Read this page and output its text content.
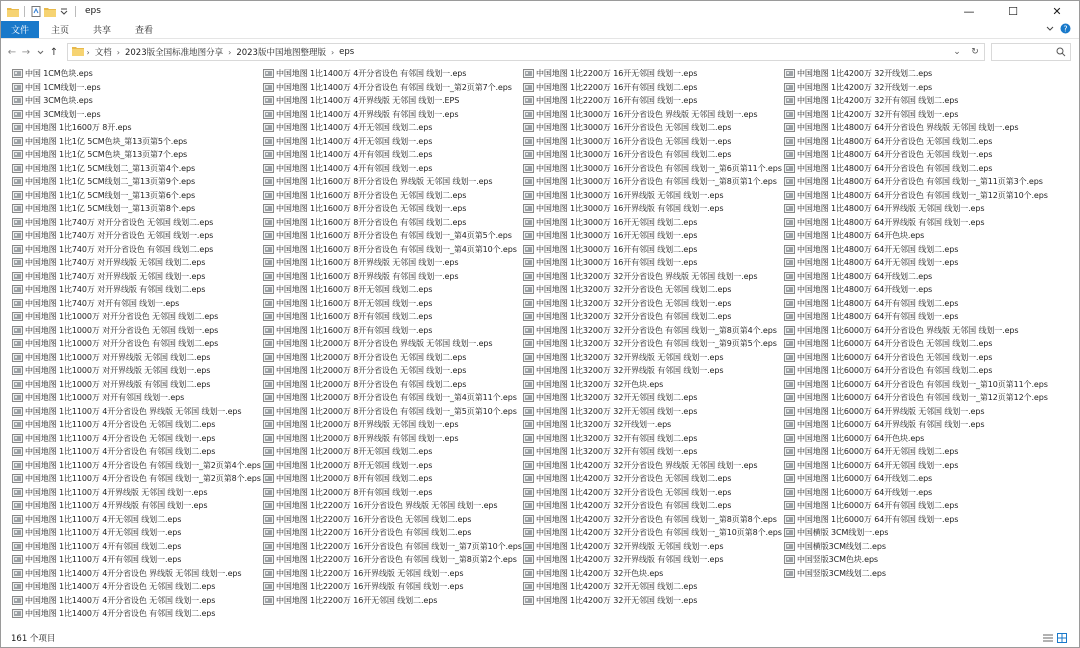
eps	—	☐	✕
文件	主页	共享	查看	?
← → ↑	› 文档 › 2023版全国标准地图分享 › 2023版中国地图整理版 › eps	⌄	↻
中国 1CM色块.eps
中国 1CM线划一.eps
中国 3CM色块.eps
中国 3CM线划一.eps
中国地图 1比1600万 8开.eps
中国地图 1比1亿 5CM色块_第13页第5个.eps
中国地图 1比1亿 5CM色块_第13页第7个.eps
中国地图 1比1亿 5CM线划二_第13页第4个.eps
中国地图 1比1亿 5CM线划二_第13页第9个.eps
中国地图 1比1亿 5CM线划一_第13页第6个.eps
中国地图 1比1亿 5CM线划一_第13页第8个.eps
中国地图 1比740万 对开分省设色 无邻国 线划二.eps
中国地图 1比740万 对开分省设色 无邻国 线划一.eps
中国地图 1比740万 对开分省设色 有邻国 线划二.eps
中国地图 1比740万 对开界线版 无邻国 线划二.eps
中国地图 1比740万 对开界线版 无邻国 线划一.eps
中国地图 1比740万 对开界线版 有邻国 线划二.eps
中国地图 1比740万 对开有邻国 线划一.eps
中国地图 1比1000万 对开分省设色 无邻国 线划二.eps
中国地图 1比1000万 对开分省设色 无邻国 线划一.eps
中国地图 1比1000万 对开分省设色 有邻国 线划二.eps
中国地图 1比1000万 对开界线版 无邻国 线划二.eps
中国地图 1比1000万 对开界线版 无邻国 线划一.eps
中国地图 1比1000万 对开界线版 有邻国 线划二.eps
中国地图 1比1000万 对开有邻国 线划一.eps
中国地图 1比1100万 4开分省设色 界线版 无邻国 线划一.eps
中国地图 1比1100万 4开分省设色 无邻国 线划二.eps
中国地图 1比1100万 4开分省设色 无邻国 线划一.eps
中国地图 1比1100万 4开分省设色 有邻国 线划二.eps
中国地图 1比1100万 4开分省设色 有邻国 线划一_第2页第4个.eps
中国地图 1比1100万 4开分省设色 有邻国 线划一_第2页第8个.eps
中国地图 1比1100万 4开界线版 无邻国 线划一.eps
中国地图 1比1100万 4开界线版 有邻国 线划一.eps
中国地图 1比1100万 4开无邻国 线划二.eps
中国地图 1比1100万 4开无邻国 线划一.eps
中国地图 1比1100万 4开有邻国 线划二.eps
中国地图 1比1100万 4开有邻国 线划一.eps
中国地图 1比1400万 4开分省设色 界线版 无邻国 线划一.eps
中国地图 1比1400万 4开分省设色 无邻国 线划二.eps
中国地图 1比1400万 4开分省设色 无邻国 线划一.eps
中国地图 1比1400万 4开分省设色 有邻国 线划二.eps
中国地图 1比1400万 4开分省设色 有邻国 线划一.eps
中国地图 1比1400万 4开分省设色 有邻国 线划一_第2页第7个.eps
中国地图 1比1400万 4开界线版 无邻国 线划一.EPS
中国地图 1比1400万 4开界线版 有邻国 线划一.eps
中国地图 1比1400万 4开无邻国 线划二.eps
中国地图 1比1400万 4开无邻国 线划一.eps
中国地图 1比1400万 4开有邻国 线划二.eps
中国地图 1比1400万 4开有邻国 线划一.eps
中国地图 1比1600万 8开分省设色 界线版 无邻国 线划一.eps
中国地图 1比1600万 8开分省设色 无邻国 线划二.eps
中国地图 1比1600万 8开分省设色 无邻国 线划一.eps
中国地图 1比1600万 8开分省设色 有邻国 线划二.eps
中国地图 1比1600万 8开分省设色 有邻国 线划一_第4页第5个.eps
中国地图 1比1600万 8开分省设色 有邻国 线划一_第4页第10个.eps
中国地图 1比1600万 8开界线版 无邻国 线划一.eps
中国地图 1比1600万 8开界线版 有邻国 线划一.eps
中国地图 1比1600万 8开无邻国 线划二.eps
中国地图 1比1600万 8开无邻国 线划一.eps
中国地图 1比1600万 8开有邻国 线划二.eps
中国地图 1比1600万 8开有邻国 线划一.eps
中国地图 1比2000万 8开分省设色 界线版 无邻国 线划一.eps
中国地图 1比2000万 8开分省设色 无邻国 线划二.eps
中国地图 1比2000万 8开分省设色 无邻国 线划一.eps
中国地图 1比2000万 8开分省设色 有邻国 线划二.eps
中国地图 1比2000万 8开分省设色 有邻国 线划一_第4页第11个.eps
中国地图 1比2000万 8开分省设色 有邻国 线划一_第5页第10个.eps
中国地图 1比2000万 8开界线版 无邻国 线划一.eps
中国地图 1比2000万 8开界线版 有邻国 线划一.eps
中国地图 1比2000万 8开无邻国 线划二.eps
中国地图 1比2000万 8开无邻国 线划一.eps
中国地图 1比2000万 8开有邻国 线划二.eps
中国地图 1比2000万 8开有邻国 线划一.eps
中国地图 1比2200万 16开分省设色 界线版 无邻国 线划一.eps
中国地图 1比2200万 16开分省设色 无邻国 线划二.eps
中国地图 1比2200万 16开分省设色 有邻国 线划二.eps
中国地图 1比2200万 16开分省设色 有邻国 线划一_第7页第10个.eps
中国地图 1比2200万 16开分省设色 有邻国 线划一_第8页第2个.eps
中国地图 1比2200万 16开界线版 无邻国 线划一.eps
中国地图 1比2200万 16开界线版 有邻国 线划一.eps
中国地图 1比2200万 16开无邻国 线划二.eps
中国地图 1比2200万 16开无邻国 线划一.eps
中国地图 1比2200万 16开有邻国 线划二.eps
中国地图 1比2200万 16开有邻国 线划一.eps
中国地图 1比3000万 16开分省设色 界线版 无邻国 线划一.eps
中国地图 1比3000万 16开分省设色 无邻国 线划二.eps
中国地图 1比3000万 16开分省设色 无邻国 线划一.eps
中国地图 1比3000万 16开分省设色 有邻国 线划二.eps
中国地图 1比3000万 16开分省设色 有邻国 线划一_第6页第11个.eps
中国地图 1比3000万 16开分省设色 有邻国 线划一_第8页第1个.eps
中国地图 1比3000万 16开界线版 无邻国 线划一.eps
中国地图 1比3000万 16开界线版 有邻国 线划一.eps
中国地图 1比3000万 16开无邻国 线划二.eps
中国地图 1比3000万 16开无邻国 线划一.eps
中国地图 1比3000万 16开有邻国 线划二.eps
中国地图 1比3000万 16开有邻国 线划一.eps
中国地图 1比3200万 32开分省设色 界线版 无邻国 线划一.eps
中国地图 1比3200万 32开分省设色 无邻国 线划二.eps
中国地图 1比3200万 32开分省设色 无邻国 线划一.eps
中国地图 1比3200万 32开分省设色 有邻国 线划二.eps
中国地图 1比3200万 32开分省设色 有邻国 线划一_第8页第4个.eps
中国地图 1比3200万 32开分省设色 有邻国 线划一_第9页第5个.eps
中国地图 1比3200万 32开界线版 无邻国 线划一.eps
中国地图 1比3200万 32开界线版 有邻国 线划一.eps
中国地图 1比3200万 32开色块.eps
中国地图 1比3200万 32开无邻国 线划二.eps
中国地图 1比3200万 32开无邻国 线划一.eps
中国地图 1比3200万 32开线划一.eps
中国地图 1比3200万 32开有邻国 线划二.eps
中国地图 1比3200万 32开有邻国 线划一.eps
中国地图 1比4200万 32开分省设色 界线版 无邻国 线划一.eps
中国地图 1比4200万 32开分省设色 无邻国 线划二.eps
中国地图 1比4200万 32开分省设色 无邻国 线划一.eps
中国地图 1比4200万 32开分省设色 有邻国 线划二.eps
中国地图 1比4200万 32开分省设色 有邻国 线划一_第8页第8个.eps
中国地图 1比4200万 32开分省设色 有邻国 线划一_第10页第8个.eps
中国地图 1比4200万 32开界线版 无邻国 线划一.eps
中国地图 1比4200万 32开界线版 有邻国 线划一.eps
中国地图 1比4200万 32开色块.eps
中国地图 1比4200万 32开无邻国 线划二.eps
中国地图 1比4200万 32开无邻国 线划一.eps
中国地图 1比4200万 32开线划二.eps
中国地图 1比4200万 32开线划一.eps
中国地图 1比4200万 32开有邻国 线划二.eps
中国地图 1比4200万 32开有邻国 线划一.eps
中国地图 1比4800万 64开分省设色 界线版 无邻国 线划一.eps
中国地图 1比4800万 64开分省设色 无邻国 线划二.eps
中国地图 1比4800万 64开分省设色 无邻国 线划一.eps
中国地图 1比4800万 64开分省设色 有邻国 线划二.eps
中国地图 1比4800万 64开分省设色 有邻国 线划一_第11页第3个.eps
中国地图 1比4800万 64开分省设色 有邻国 线划一_第12页第10个.eps
中国地图 1比4800万 64开界线版 无邻国 线划一.eps
中国地图 1比4800万 64开界线版 有邻国 线划一.eps
中国地图 1比4800万 64开色块.eps
中国地图 1比4800万 64开无邻国 线划二.eps
中国地图 1比4800万 64开无邻国 线划一.eps
中国地图 1比4800万 64开线划二.eps
中国地图 1比4800万 64开线划一.eps
中国地图 1比4800万 64开有邻国 线划二.eps
中国地图 1比4800万 64开有邻国 线划一.eps
中国地图 1比6000万 64开分省设色 界线版 无邻国 线划一.eps
中国地图 1比6000万 64开分省设色 无邻国 线划二.eps
中国地图 1比6000万 64开分省设色 无邻国 线划一.eps
中国地图 1比6000万 64开分省设色 有邻国 线划二.eps
中国地图 1比6000万 64开分省设色 有邻国 线划一_第10页第11个.eps
中国地图 1比6000万 64开分省设色 有邻国 线划一_第12页第12个.eps
中国地图 1比6000万 64开界线版 无邻国 线划一.eps
中国地图 1比6000万 64开界线版 有邻国 线划一.eps
中国地图 1比6000万 64开色块.eps
中国地图 1比6000万 64开无邻国 线划二.eps
中国地图 1比6000万 64开无邻国 线划一.eps
中国地图 1比6000万 64开线划二.eps
中国地图 1比6000万 64开线划一.eps
中国地图 1比6000万 64开有邻国 线划二.eps
中国地图 1比6000万 64开有邻国 线划一.eps
中国横版 3CM线划一.eps
中国横版3CM线划二.eps
中国竖版3CM色块.eps
中国竖版3CM线划二.eps
161 个项目
